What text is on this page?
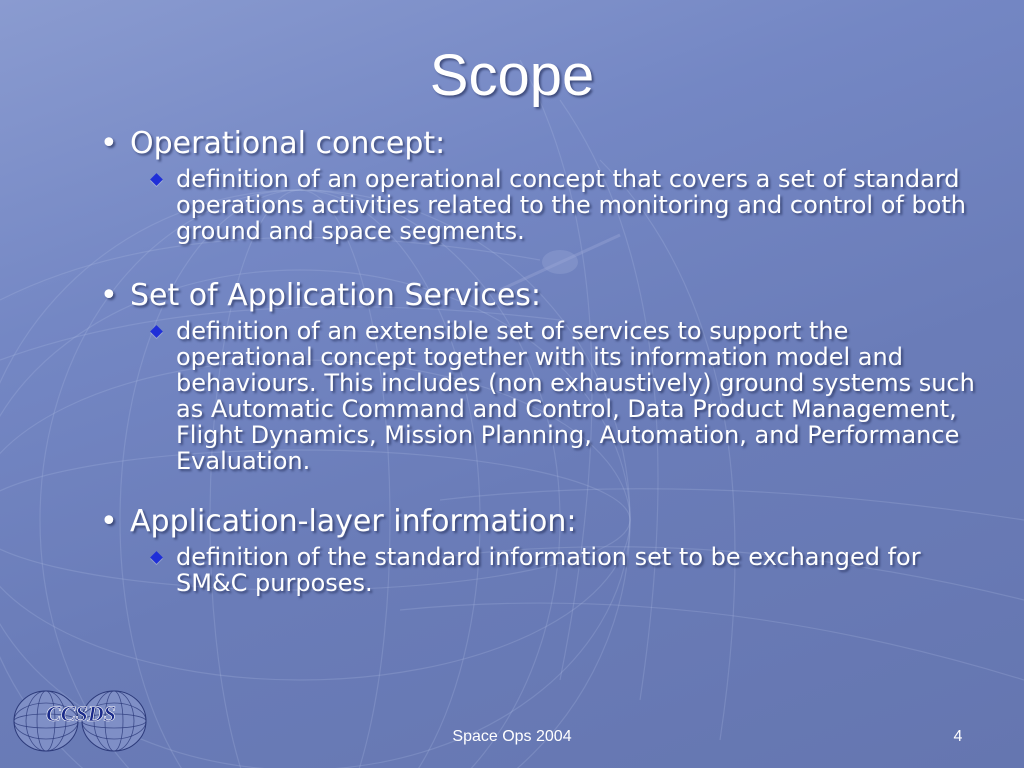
Scope
• Operational concept:
definition of an operational concept that covers a set of standard operations activities related to the monitoring and control of both ground and space segments.
• Set of Application Services:
definition of an extensible set of services to support the operational concept together with its information model and behaviours. This includes (non exhaustively) ground systems such as Automatic Command and Control, Data Product Management, Flight Dynamics, Mission Planning, Automation, and Performance Evaluation.
• Application-layer information:
definition of the standard information set to be exchanged for SM&C purposes.
CCSDS
Space Ops 2004	4
